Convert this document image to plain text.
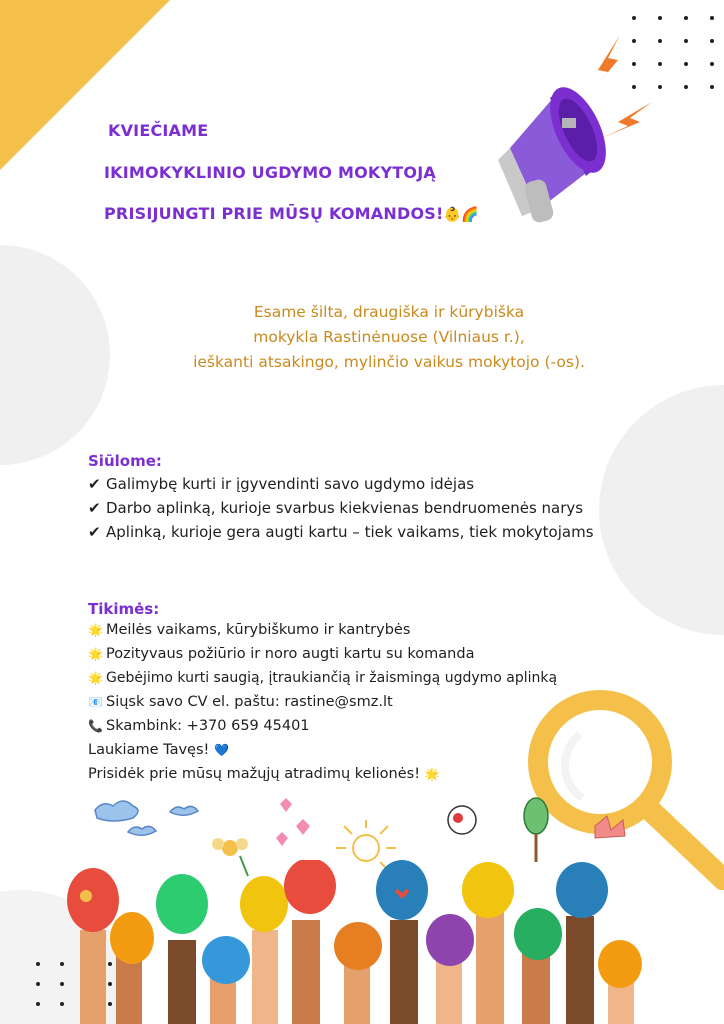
KVIEČIAME
IKIMOKYKLINIO UGDYMO MOKYTOJĄ
PRISIJUNGTI PRIE MŪSŲ KOMANDOS!👶🌈
Esame šilta, draugiška ir kūrybiška
mokykla Rastinėnuose (Vilniaus r.),
ieškanti atsakingo, mylinčio vaikus mokytojo (-os).
Siūlome:
✔ Galimybę kurti ir įgyvendinti savo ugdymo idėjas
✔ Darbo aplinką, kurioje svarbus kiekvienas bendruomenės narys
✔ Aplinką, kurioje gera augti kartu – tiek vaikams, tiek mokytojams
Tikimės:
🌟 Meilės vaikams, kūrybiškumo ir kantrybės
🌟 Pozityvaus požiūrio ir noro augti kartu su komanda
🌟 Gebėjimo kurti saugią, įtraukiančią ir žaismingą ugdymo aplinką
📧 Siųsk savo CV el. paštu: rastine@smz.lt
📞 Skambink: +370 659 45401
Laukiame Tavęs! 💙
Prisidėk prie mūsų mažųjų atradimų kelionės! 🌟
